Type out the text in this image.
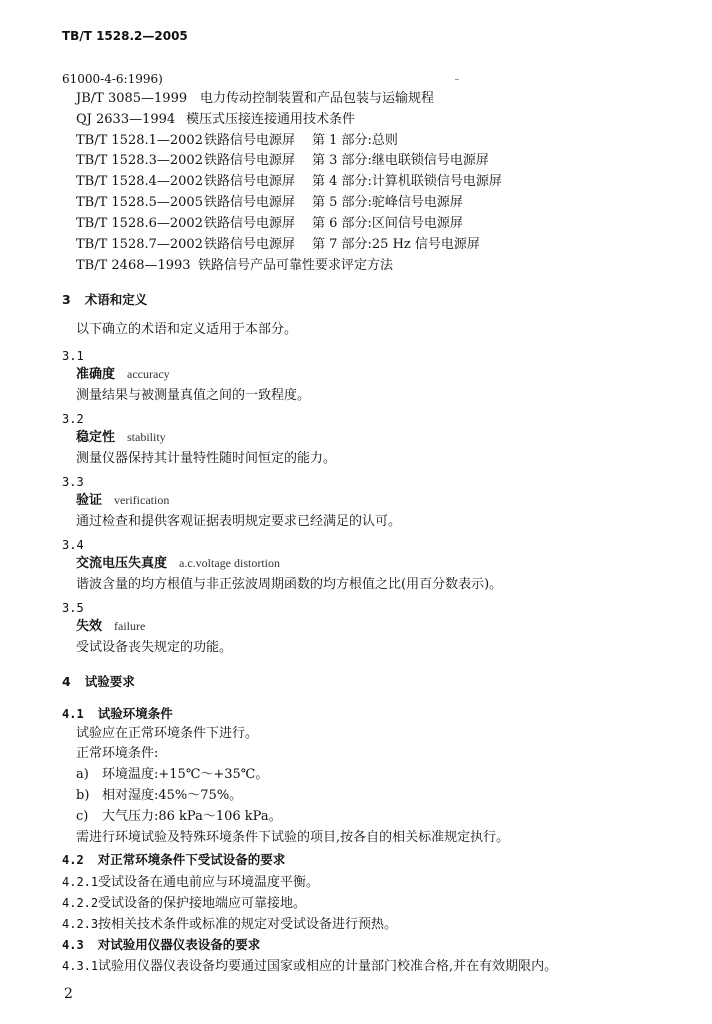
TB/T 1528.2—2005
61000-4-6:1996)
JB/T 3085—1999 电力传动控制装置和产品包装与运输规程
QJ 2633—1994 模压式压接连接通用技术条件
TB/T 1528.1—2002铁路信号电源屏 第 1 部分:总则
TB/T 1528.3—2002铁路信号电源屏 第 3 部分:继电联锁信号电源屏
TB/T 1528.4—2002铁路信号电源屏 第 4 部分:计算机联锁信号电源屏
TB/T 1528.5—2005铁路信号电源屏 第 5 部分:驼峰信号电源屏
TB/T 1528.6—2002铁路信号电源屏 第 6 部分:区间信号电源屏
TB/T 1528.7—2002铁路信号电源屏 第 7 部分:25 Hz 信号电源屏
TB/T 2468—1993 铁路信号产品可靠性要求评定方法
3 术语和定义
以下确立的术语和定义适用于本部分。
3.1
准确度 accuracy
测量结果与被测量真值之间的一致程度。
3.2
稳定性 stability
测量仪器保持其计量特性随时间恒定的能力。
3.3
验证 verification
通过检查和提供客观证据表明规定要求已经满足的认可。
3.4
交流电压失真度 a.c.voltage distortion
谐波含量的均方根值与非正弦波周期函数的均方根值之比(用百分数表示)。
3.5
失效 failure
受试设备丧失规定的功能。
4 试验要求
4.1 试验环境条件
试验应在正常环境条件下进行。
正常环境条件:
a) 环境温度:+15℃～+35℃。
b) 相对湿度:45%～75%。
c) 大气压力:86 kPa～106 kPa。
需进行环境试验及特殊环境条件下试验的项目,按各自的相关标准规定执行。
4.2 对正常环境条件下受试设备的要求
4.2.1受试设备在通电前应与环境温度平衡。
4.2.2受试设备的保护接地端应可靠接地。
4.2.3按相关技术条件或标准的规定对受试设备进行预热。
4.3 对试验用仪器仪表设备的要求
4.3.1试验用仪器仪表设备均要通过国家或相应的计量部门校准合格,并在有效期限内。
2
